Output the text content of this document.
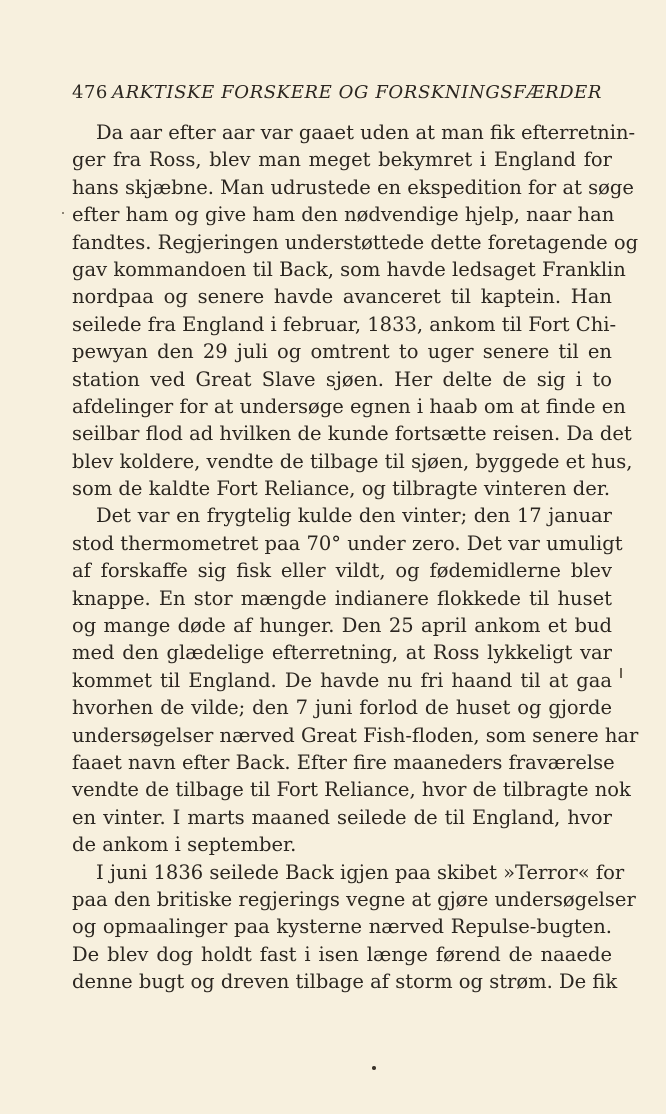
476 ARKTISKE FORSKERE OG FORSKNINGSFÆRDER
Da aar efter aar var gaaet uden at man fik efterretnin-
ger fra Ross, blev man meget bekymret i England for
hans skjæbne. Man udrustede en ekspedition for at søge
efter ham og give ham den nødvendige hjelp, naar han
fandtes. Regjeringen understøttede dette foretagende og
gav kommandoen til Back, som havde ledsaget Franklin
nordpaa og senere havde avanceret til kaptein. Han
seilede fra England i februar, 1833, ankom til Fort Chi-
pewyan den 29 juli og omtrent to uger senere til en
station ved Great Slave sjøen. Her delte de sig i to
afdelinger for at undersøge egnen i haab om at finde en
seilbar flod ad hvilken de kunde fortsætte reisen. Da det
blev koldere, vendte de tilbage til sjøen, byggede et hus,
som de kaldte Fort Reliance, og tilbragte vinteren der.
Det var en frygtelig kulde den vinter; den 17 januar
stod thermometret paa 70° under zero. Det var umuligt
af forskaffe sig fisk eller vildt, og fødemidlerne blev
knappe. En stor mængde indianere flokkede til huset
og mange døde af hunger. Den 25 april ankom et bud
med den glædelige efterretning, at Ross lykkeligt var
kommet til England. De havde nu fri haand til at gaa
hvorhen de vilde; den 7 juni forlod de huset og gjorde
undersøgelser nærved Great Fish-floden, som senere har
faaet navn efter Back. Efter fire maaneders fraværelse
vendte de tilbage til Fort Reliance, hvor de tilbragte nok
en vinter. I marts maaned seilede de til England, hvor
de ankom i september.
I juni 1836 seilede Back igjen paa skibet »Terror« for
paa den britiske regjerings vegne at gjøre undersøgelser
og opmaalinger paa kysterne nærved Repulse-bugten.
De blev dog holdt fast i isen længe førend de naaede
denne bugt og dreven tilbage af storm og strøm. De fik
